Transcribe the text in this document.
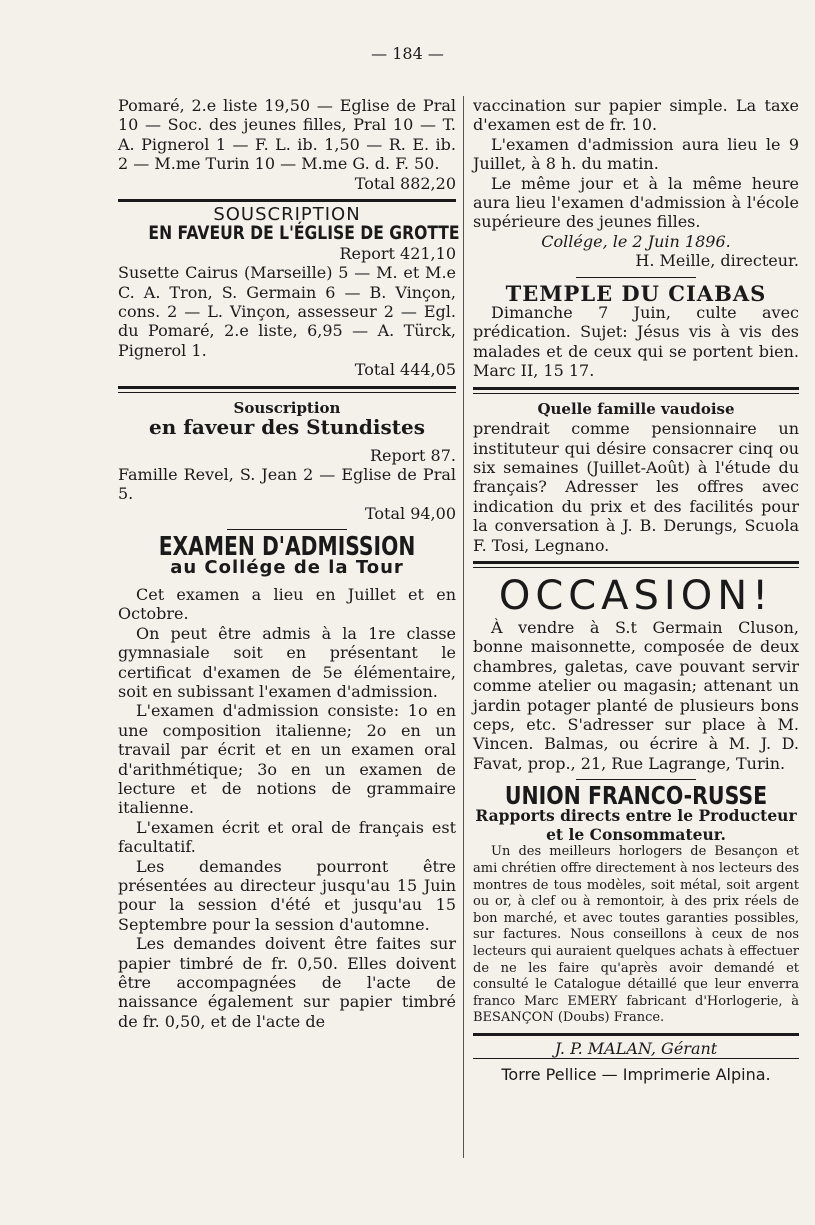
— 184 —

Pomaré, 2.e liste 19,50 — Eglise de Pral 10 — Soc. des jeunes filles, Pral 10 — T. A. Pignerol 1 — F. L. ib. 1,50 — R. E. ib. 2 — M.me Turin 10 — M.me G. d. F. 50.

Total 882,20

SOUSCRIPTION
EN FAVEUR DE L'ÉGLISE DE GROTTE

Report 421,10

Susette Cairus (Marseille) 5 — M. et M.e C. A. Tron, S. Germain 6 — B. Vinçon, cons. 2 — L. Vinçon, assesseur 2 — Egl. du Pomaré, 2.e liste, 6,95 — A. Türck, Pignerol 1.

Total 444,05

Souscription
en faveur des Stundistes

Report 87.

Famille Revel, S. Jean 2 — Eglise de Pral 5.

Total 94,00

EXAMEN D'ADMISSION
au Collége de la Tour

Cet examen a lieu en Juillet et en Octobre.

On peut être admis à la 1re classe gymnasiale soit en présentant le certificat d'examen de 5e élémentaire, soit en subissant l'examen d'admission.

L'examen d'admission consiste: 1o en une composition italienne; 2o en un travail par écrit et en un examen oral d'arithmétique; 3o en un examen de lecture et de notions de grammaire italienne.

L'examen écrit et oral de français est facultatif.

Les demandes pourront être présentées au directeur jusqu'au 15 Juin pour la session d'été et jusqu'au 15 Septembre pour la session d'automne.

Les demandes doivent être faites sur papier timbré de fr. 0,50. Elles doivent être accompagnées de l'acte de naissance également sur papier timbré de fr. 0,50, et de l'acte de

vaccination sur papier simple. La taxe d'examen est de fr. 10.

L'examen d'admission aura lieu le 9 Juillet, à 8 h. du matin.

Le même jour et à la même heure aura lieu l'examen d'admission à l'école supérieure des jeunes filles.

Collége, le 2 Juin 1896.

H. Meille, directeur.

TEMPLE DU CIABAS

Dimanche 7 Juin, culte avec prédication. Sujet: Jésus vis à vis des malades et de ceux qui se portent bien. Marc II, 15 17.

Quelle famille vaudoise

prendrait comme pensionnaire un instituteur qui désire consacrer cinq ou six semaines (Juillet-Août) à l'étude du français? Adresser les offres avec indication du prix et des facilités pour la conversation à J. B. Derungs, Scuola F. Tosi, Legnano.

OCCASION!

À vendre à S.t Germain Cluson, bonne maisonnette, composée de deux chambres, galetas, cave pouvant servir comme atelier ou magasin; attenant un jardin potager planté de plusieurs bons ceps, etc. S'adresser sur place à M. Vincen. Balmas, ou écrire à M. J. D. Favat, prop., 21, Rue Lagrange, Turin.

UNION FRANCO-RUSSE

Rapports directs entre le Producteur et le Consommateur.

Un des meilleurs horlogers de Besançon et ami chrétien offre directement à nos lecteurs des montres de tous modèles, soit métal, soit argent ou or, à clef ou à remontoir, à des prix réels de bon marché, et avec toutes garanties possibles, sur factures. Nous conseillons à ceux de nos lecteurs qui auraient quelques achats à effectuer de ne les faire qu'après avoir demandé et consulté le Catalogue détaillé que leur enverra franco Marc EMERY fabricant d'Horlogerie, à BESANÇON (Doubs) France.

J. P. MALAN, Gérant

Torre Pellice — Imprimerie Alpina.
